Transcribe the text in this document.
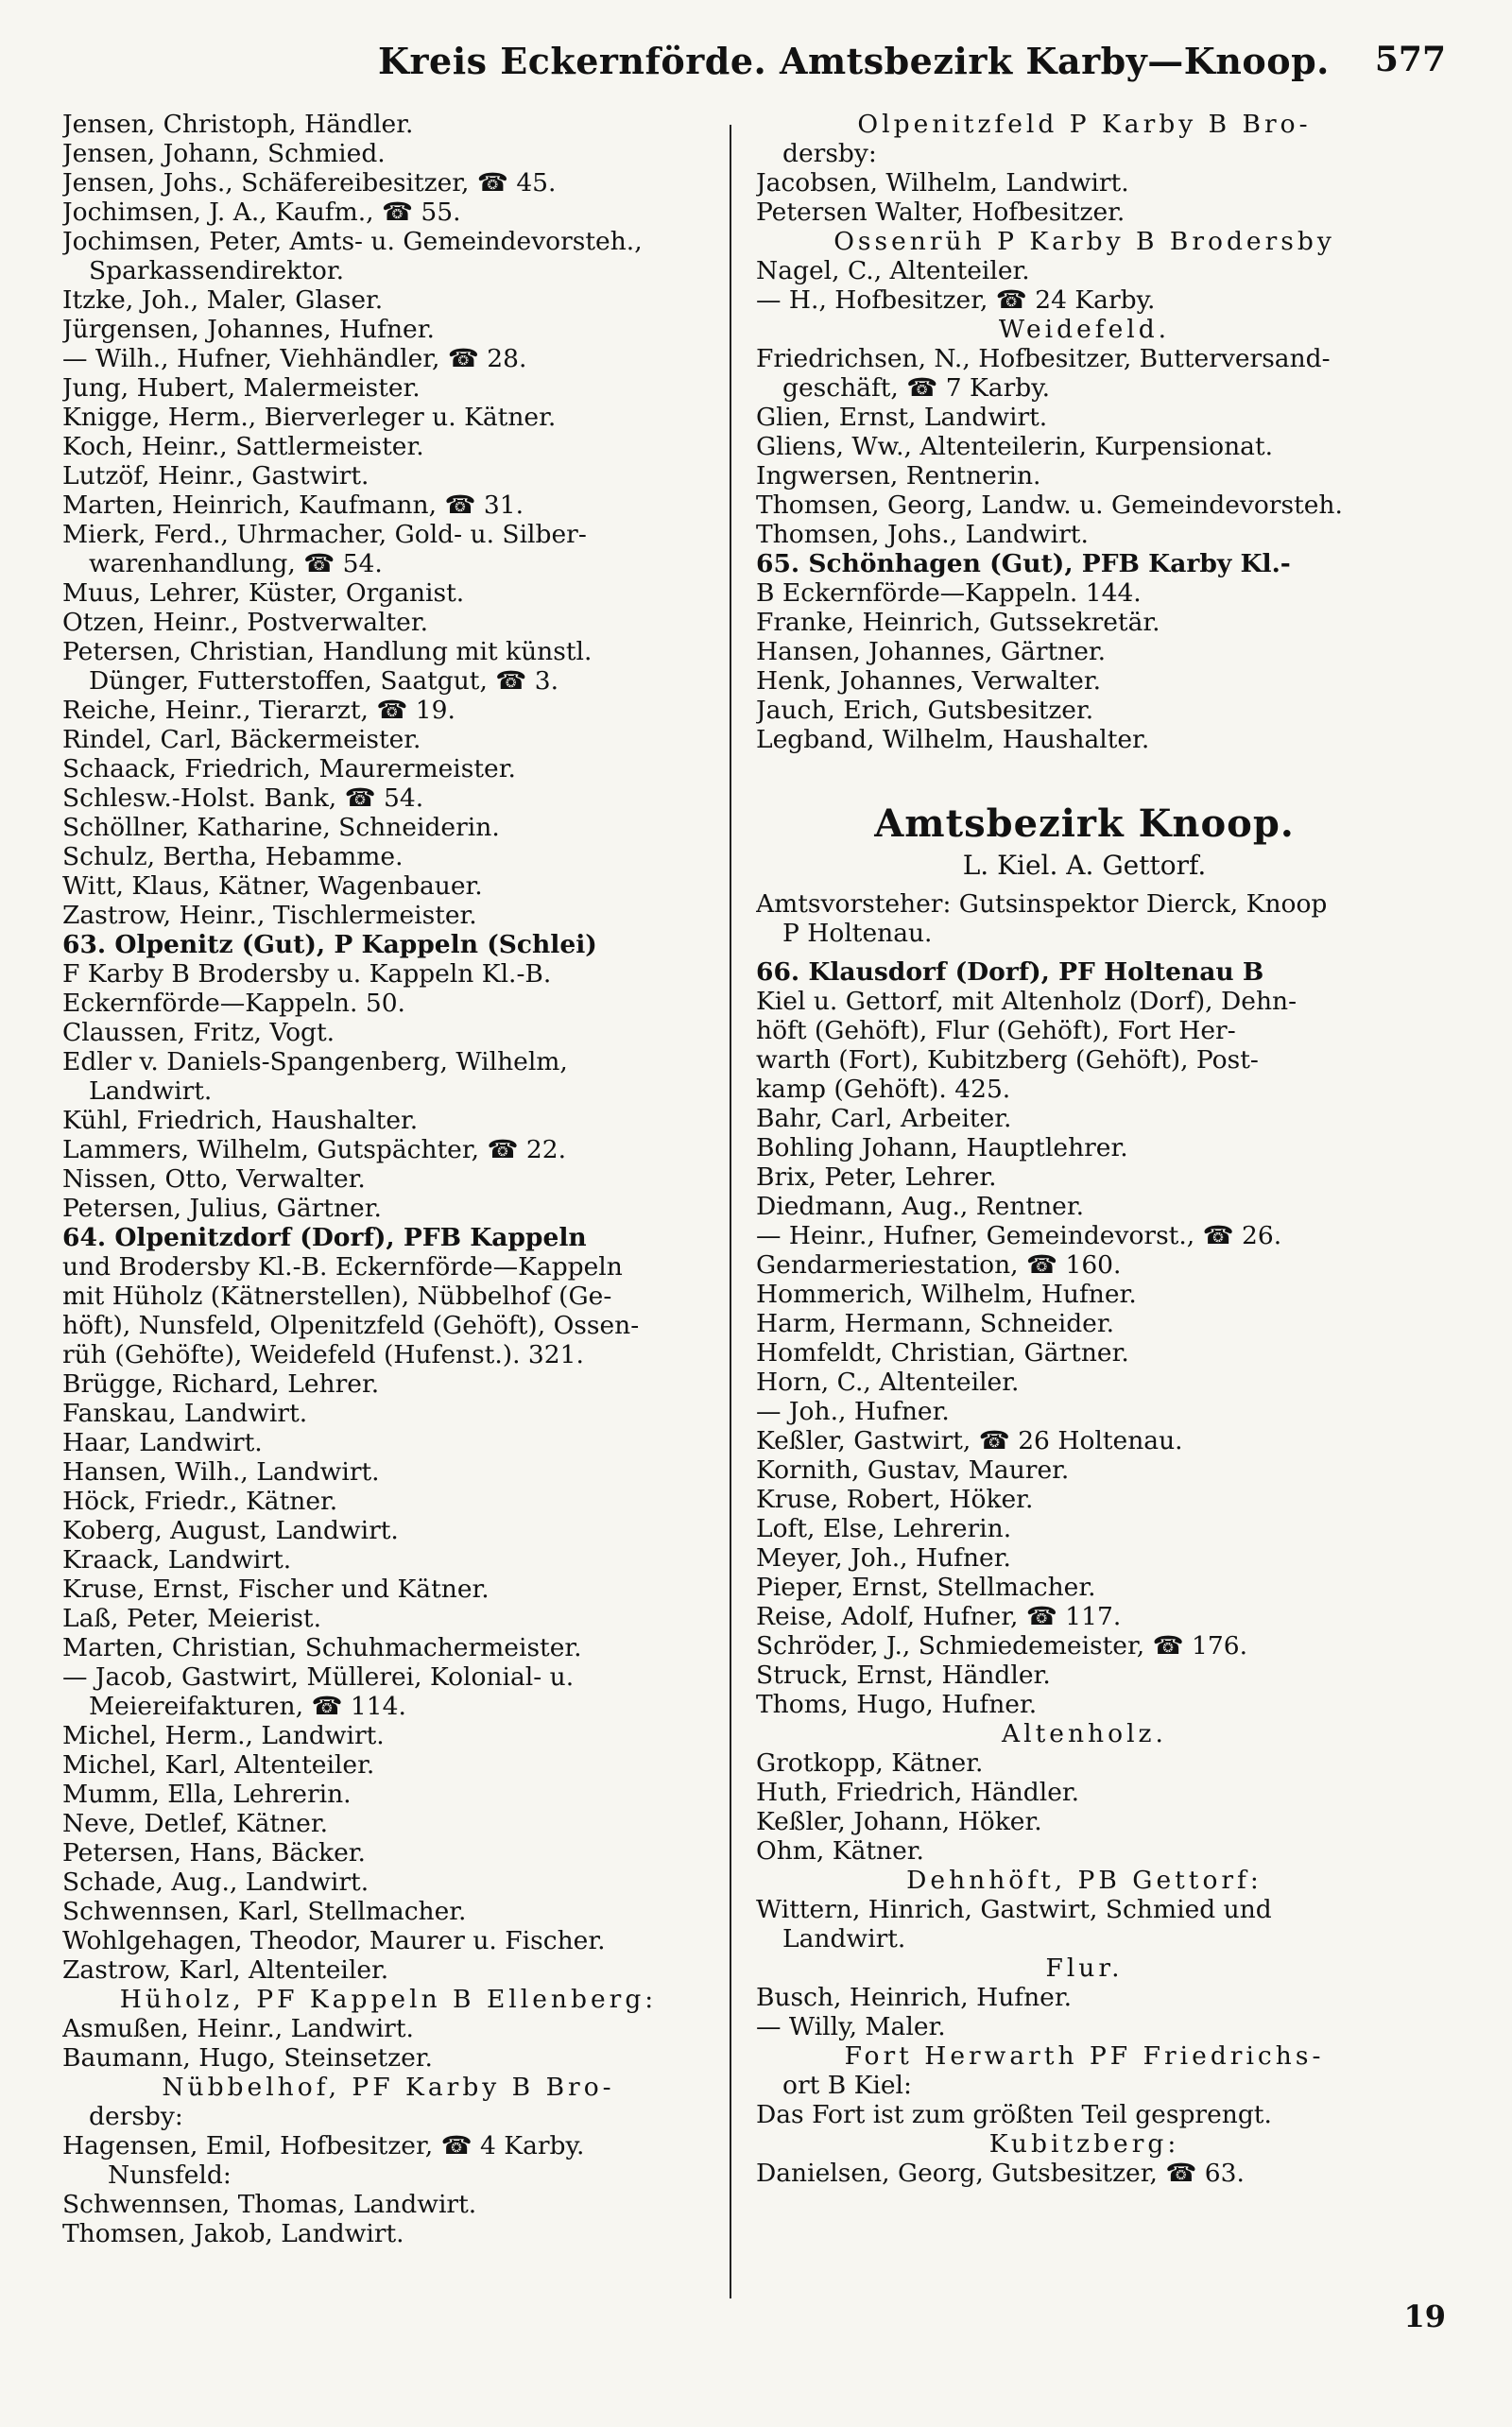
Kreis Eckernförde. Amtsbezirk Karby—Knoop. 577
Jensen, Christoph, Händler.
Jensen, Johann, Schmied.
Jensen, Johs., Schäfereibesitzer, ☎ 45.
Jochimsen, J. A., Kaufm., ☎ 55.
Jochimsen, Peter, Amts- u. Gemeindevorsteh.,
Sparkassendirektor.
Itzke, Joh., Maler, Glaser.
Jürgensen, Johannes, Hufner.
— Wilh., Hufner, Viehhändler, ☎ 28.
Jung, Hubert, Malermeister.
Knigge, Herm., Bierverleger u. Kätner.
Koch, Heinr., Sattlermeister.
Lutzöf, Heinr., Gastwirt.
Marten, Heinrich, Kaufmann, ☎ 31.
Mierk, Ferd., Uhrmacher, Gold- u. Silber-
warenhandlung, ☎ 54.
Muus, Lehrer, Küster, Organist.
Otzen, Heinr., Postverwalter.
Petersen, Christian, Handlung mit künstl.
Dünger, Futterstoffen, Saatgut, ☎ 3.
Reiche, Heinr., Tierarzt, ☎ 19.
Rindel, Carl, Bäckermeister.
Schaack, Friedrich, Maurermeister.
Schlesw.-Holst. Bank, ☎ 54.
Schöllner, Katharine, Schneiderin.
Schulz, Bertha, Hebamme.
Witt, Klaus, Kätner, Wagenbauer.
Zastrow, Heinr., Tischlermeister.
63. Olpenitz (Gut), P Kappeln (Schlei)
F Karby B Brodersby u. Kappeln Kl.-B.
Eckernförde—Kappeln. 50.
Claussen, Fritz, Vogt.
Edler v. Daniels-Spangenberg, Wilhelm,
Landwirt.
Kühl, Friedrich, Haushalter.
Lammers, Wilhelm, Gutspächter, ☎ 22.
Nissen, Otto, Verwalter.
Petersen, Julius, Gärtner.
64. Olpenitzdorf (Dorf), PFB Kappeln
und Brodersby Kl.-B. Eckernförde—Kappeln
mit Hüholz (Kätnerstellen), Nübbelhof (Ge-
höft), Nunsfeld, Olpenitzfeld (Gehöft), Ossen-
rüh (Gehöfte), Weidefeld (Hufenst.). 321.
Brügge, Richard, Lehrer.
Fanskau, Landwirt.
Haar, Landwirt.
Hansen, Wilh., Landwirt.
Höck, Friedr., Kätner.
Koberg, August, Landwirt.
Kraack, Landwirt.
Kruse, Ernst, Fischer und Kätner.
Laß, Peter, Meierist.
Marten, Christian, Schuhmachermeister.
— Jacob, Gastwirt, Müllerei, Kolonial- u.
Meiereifakturen, ☎ 114.
Michel, Herm., Landwirt.
Michel, Karl, Altenteiler.
Mumm, Ella, Lehrerin.
Neve, Detlef, Kätner.
Petersen, Hans, Bäcker.
Schade, Aug., Landwirt.
Schwennsen, Karl, Stellmacher.
Wohlgehagen, Theodor, Maurer u. Fischer.
Zastrow, Karl, Altenteiler.
Hüholz, PF Kappeln B Ellenberg:
Asmußen, Heinr., Landwirt.
Baumann, Hugo, Steinsetzer.
Nübbelhof, PF Karby B Bro-
dersby:
Hagensen, Emil, Hofbesitzer, ☎ 4 Karby.
Nunsfeld:
Schwennsen, Thomas, Landwirt.
Thomsen, Jakob, Landwirt.
Olpenitzfeld P Karby B Bro-
dersby:
Jacobsen, Wilhelm, Landwirt.
Petersen Walter, Hofbesitzer.
Ossenrüh P Karby B Brodersby
Nagel, C., Altenteiler.
— H., Hofbesitzer, ☎ 24 Karby.
Weidefeld.
Friedrichsen, N., Hofbesitzer, Butterversand-
geschäft, ☎ 7 Karby.
Glien, Ernst, Landwirt.
Gliens, Ww., Altenteilerin, Kurpensionat.
Ingwersen, Rentnerin.
Thomsen, Georg, Landw. u. Gemeindevorsteh.
Thomsen, Johs., Landwirt.
65. Schönhagen (Gut), PFB Karby Kl.-
B Eckernförde—Kappeln. 144.
Franke, Heinrich, Gutssekretär.
Hansen, Johannes, Gärtner.
Henk, Johannes, Verwalter.
Jauch, Erich, Gutsbesitzer.
Legband, Wilhelm, Haushalter.
Amtsbezirk Knoop.
L. Kiel. A. Gettorf.
Amtsvorsteher: Gutsinspektor Dierck, Knoop
P Holtenau.
66. Klausdorf (Dorf), PF Holtenau B
Kiel u. Gettorf, mit Altenholz (Dorf), Dehn-
höft (Gehöft), Flur (Gehöft), Fort Her-
warth (Fort), Kubitzberg (Gehöft), Post-
kamp (Gehöft). 425.
Bahr, Carl, Arbeiter.
Bohling Johann, Hauptlehrer.
Brix, Peter, Lehrer.
Diedmann, Aug., Rentner.
— Heinr., Hufner, Gemeindevorst., ☎ 26.
Gendarmeriestation, ☎ 160.
Hommerich, Wilhelm, Hufner.
Harm, Hermann, Schneider.
Homfeldt, Christian, Gärtner.
Horn, C., Altenteiler.
— Joh., Hufner.
Keßler, Gastwirt, ☎ 26 Holtenau.
Kornith, Gustav, Maurer.
Kruse, Robert, Höker.
Loft, Else, Lehrerin.
Meyer, Joh., Hufner.
Pieper, Ernst, Stellmacher.
Reise, Adolf, Hufner, ☎ 117.
Schröder, J., Schmiedemeister, ☎ 176.
Struck, Ernst, Händler.
Thoms, Hugo, Hufner.
Altenholz.
Grotkopp, Kätner.
Huth, Friedrich, Händler.
Keßler, Johann, Höker.
Ohm, Kätner.
Dehnhöft, PB Gettorf:
Wittern, Hinrich, Gastwirt, Schmied und
Landwirt.
Flur.
Busch, Heinrich, Hufner.
— Willy, Maler.
Fort Herwarth PF Friedrichs-
ort B Kiel:
Das Fort ist zum größten Teil gesprengt.
Kubitzberg:
Danielsen, Georg, Gutsbesitzer, ☎ 63.
19
